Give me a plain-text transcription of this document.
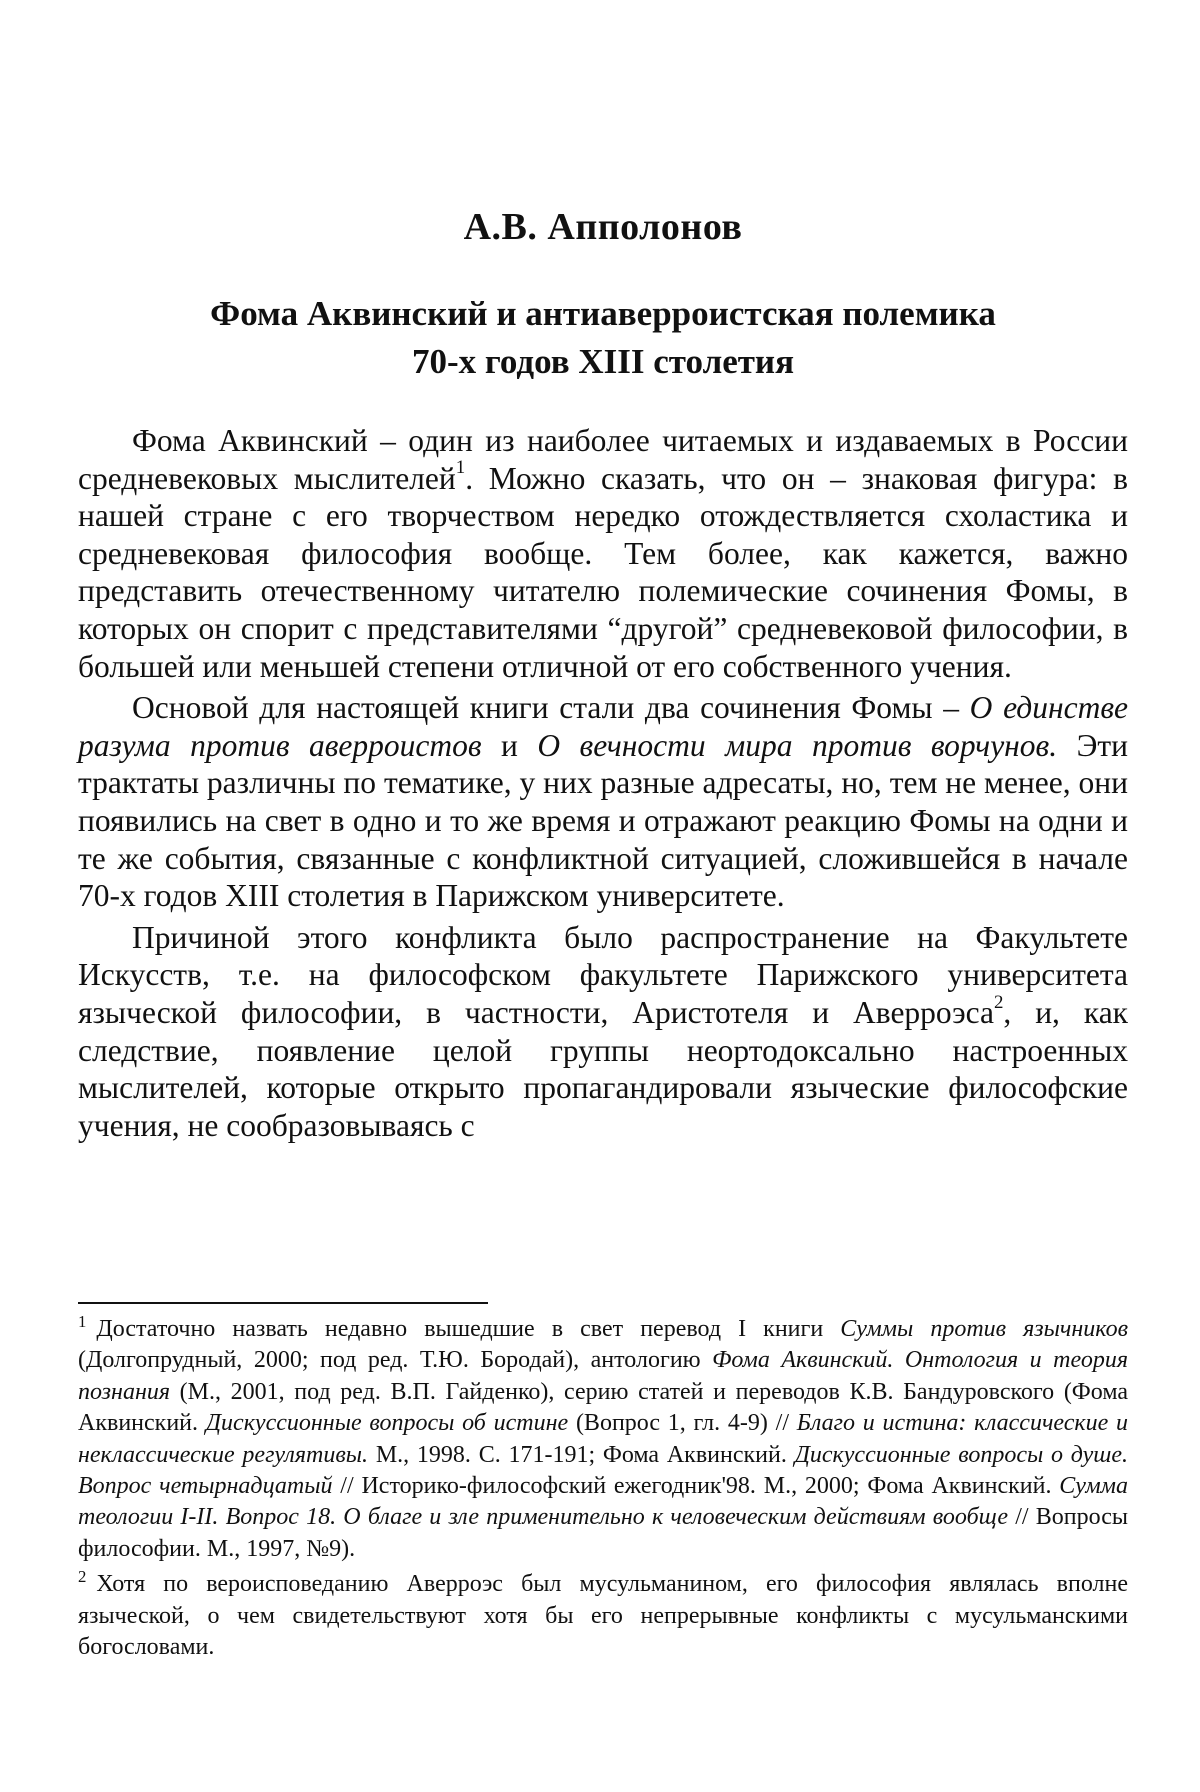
А.В. Апполонов
Фома Аквинский и антиаверроистская полемика
70-х годов XIII столетия

Фома Аквинский – один из наиболее читаемых и издаваемых в России средневековых мыслителей$^1$. Можно сказать, что он – знаковая фигура: в нашей стране с его творчеством нередко отождествляется схоластика и средневековая философия вообще. Тем более, как кажется, важно представить отечественному читателю полемические сочинения Фомы, в которых он спорит с представителями “другой” средневековой философии, в большей или меньшей степени отличной от его собственного учения.

Основой для настоящей книги стали два сочинения Фомы – О единстве разума против аверроистов и О вечности мира против ворчунов. Эти трактаты различны по тематике, у них разные адресаты, но, тем не менее, они появились на свет в одно и то же время и отражают реакцию Фомы на одни и те же события, связанные с конфликтной ситуацией, сложившейся в начале 70-х годов XIII столетия в Парижском университете.

Причиной этого конфликта было распространение на Факультете Искусств, т.е. на философском факультете Парижского университета языческой философии, в частности, Аристотеля и Аверроэса$^2$, и, как следствие, появление целой группы неортодоксально настроенных мыслителей, которые открыто пропагандировали языческие философские учения, не сообразовываясь с

$^1$ Достаточно назвать недавно вышедшие в свет перевод I книги Суммы против язычников (Долгопрудный, 2000; под ред. Т.Ю. Бородай), антологию Фома Аквинский. Онтология и теория познания (М., 2001, под ред. В.П. Гайденко), серию статей и переводов К.В. Бандуровского (Фома Аквинский. Дискуссионные вопросы об истине (Вопрос 1, гл. 4-9) // Благо и истина: классические и неклассические регулятивы. М., 1998. С. 171-191; Фома Аквинский. Дискуссионные вопросы о душе. Вопрос четырнадцатый // Историко-философский ежегодник'98. М., 2000; Фома Аквинский. Сумма теологии I-II. Вопрос 18. О благе и зле применительно к человеческим действиям вообще // Вопросы философии. М., 1997, №9).

$^2$ Хотя по вероисповеданию Аверроэс был мусульманином, его философия являлась вполне языческой, о чем свидетельствуют хотя бы его непрерывные конфликты с мусульманскими богословами.
